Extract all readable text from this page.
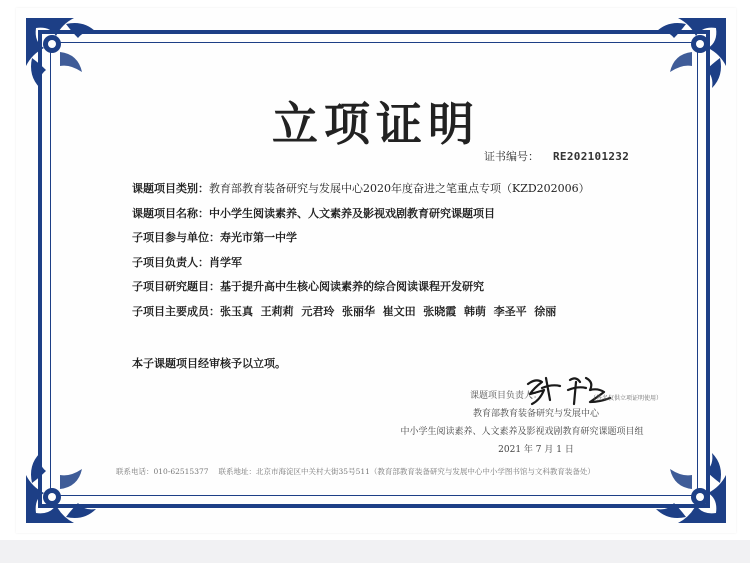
立项证明
证书编号： RE202101232
课题项目类别：教育部教育装备研究与发展中心2020年度奋进之笔重点专项（KZD202006）
课题项目名称：中小学生阅读素养、人文素养及影视戏剧教育研究课题项目
子项目参与单位：寿光市第一中学
子项目负责人：肖学军
子项目研究题目：基于提升高中生核心阅读素养的综合阅读课程开发研究
子项目主要成员：张玉真  王莉莉  元君玲  张丽华  崔文田  张晓霞  韩萌  李圣平  徐丽
本子课题项目经审核予以立项。
课题项目负责人：	（签名仅供立项证明使用）
教育部教育装备研究与发展中心
中小学生阅读素养、人文素养及影视戏剧教育研究课题项目组
2021 年 7 月 1 日
联系电话：010-62515377 联系地址：北京市海淀区中关村大街35号511（教育部教育装备研究与发展中心中小学图书馆与文科教育装备处）
